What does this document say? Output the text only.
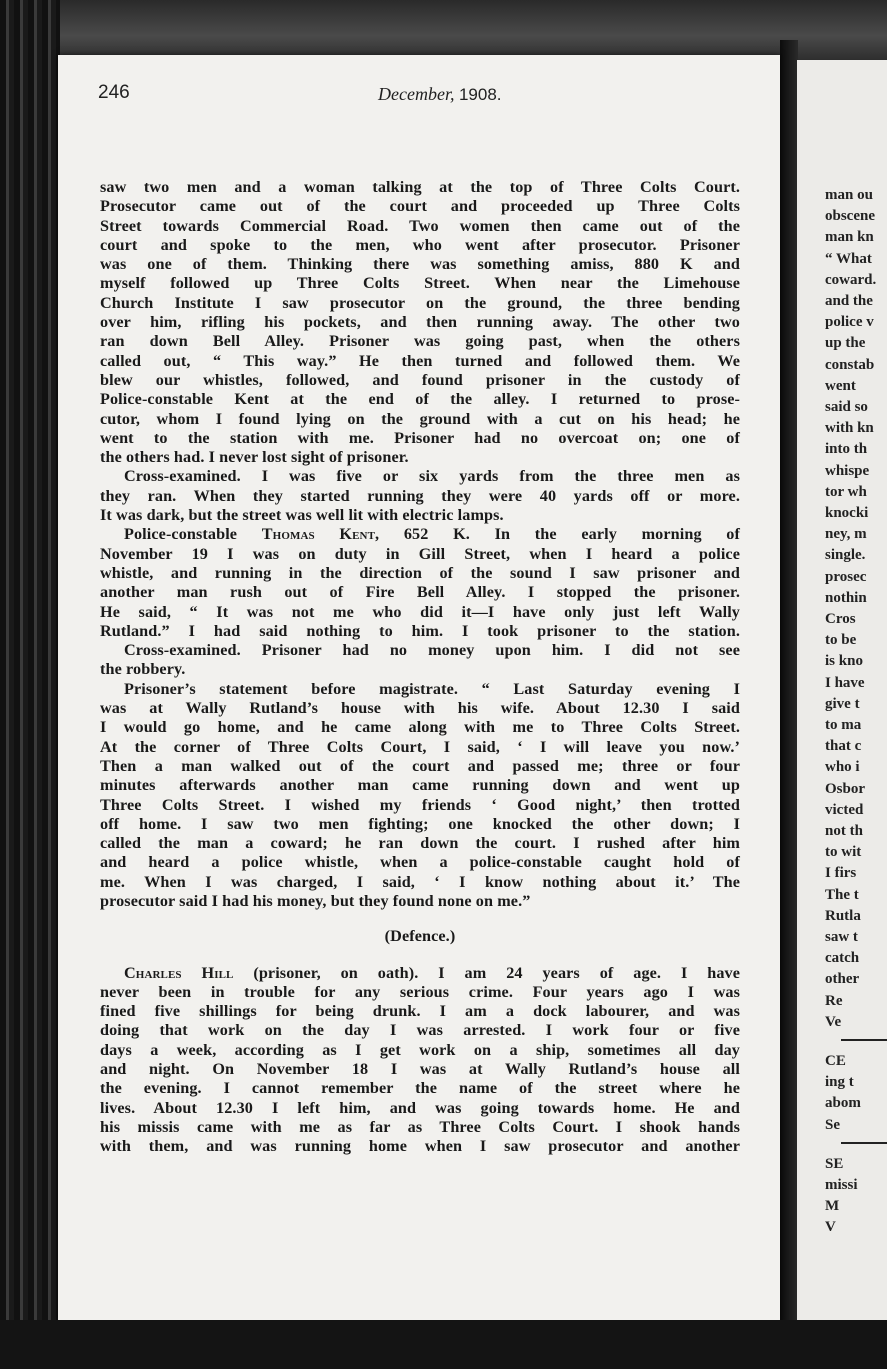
man ou
obscene
man kn
“ What
coward.
and the
police v
up the
constab
went
said so
with kn
into th
whispe
tor wh
knocki
ney, m
single.
prosec
nothin
Cros
to be
is kno
I have
give t
to ma
that c
who i
Osbor
victed
not th
to wit
I firs
The t
Rutla
saw t
catch
other
Re
Ve
CE
ing t
abom
Se
SE
missi
M
V
246	December, 1908.
saw two men and a woman talking at the top of Three Colts Court.
Prosecutor came out of the court and proceeded up Three Colts
Street towards Commercial Road. Two women then came out of the
court and spoke to the men, who went after prosecutor. Prisoner
was one of them. Thinking there was something amiss, 880 K and
myself followed up Three Colts Street. When near the Limehouse
Church Institute I saw prosecutor on the ground, the three bending
over him, rifling his pockets, and then running away. The other two
ran down Bell Alley. Prisoner was going past, when the others
called out, “ This way.” He then turned and followed them. We
blew our whistles, followed, and found prisoner in the custody of
Police-constable Kent at the end of the alley. I returned to prose-
cutor, whom I found lying on the ground with a cut on his head; he
went to the station with me. Prisoner had no overcoat on; one of
the others had. I never lost sight of prisoner.
Cross-examined. I was five or six yards from the three men as
they ran. When they started running they were 40 yards off or more.
It was dark, but the street was well lit with electric lamps.
Police-constable Thomas Kent, 652 K. In the early morning of
November 19 I was on duty in Gill Street, when I heard a police
whistle, and running in the direction of the sound I saw prisoner and
another man rush out of Fire Bell Alley. I stopped the prisoner.
He said, “ It was not me who did it—I have only just left Wally
Rutland.” I had said nothing to him. I took prisoner to the station.
Cross-examined. Prisoner had no money upon him. I did not see
the robbery.
Prisoner’s statement before magistrate. “ Last Saturday evening I
was at Wally Rutland’s house with his wife. About 12.30 I said
I would go home, and he came along with me to Three Colts Street.
At the corner of Three Colts Court, I said, ‘ I will leave you now.’
Then a man walked out of the court and passed me; three or four
minutes afterwards another man came running down and went up
Three Colts Street. I wished my friends ‘ Good night,’ then trotted
off home. I saw two men fighting; one knocked the other down; I
called the man a coward; he ran down the court. I rushed after him
and heard a police whistle, when a police-constable caught hold of
me. When I was charged, I said, ‘ I know nothing about it.’ The
prosecutor said I had his money, but they found none on me.”
(Defence.)
Charles Hill (prisoner, on oath). I am 24 years of age. I have
never been in trouble for any serious crime. Four years ago I was
fined five shillings for being drunk. I am a dock labourer, and was
doing that work on the day I was arrested. I work four or five
days a week, according as I get work on a ship, sometimes all day
and night. On November 18 I was at Wally Rutland’s house all
the evening. I cannot remember the name of the street where he
lives. About 12.30 I left him, and was going towards home. He and
his missis came with me as far as Three Colts Court. I shook hands
with them, and was running home when I saw prosecutor and another
